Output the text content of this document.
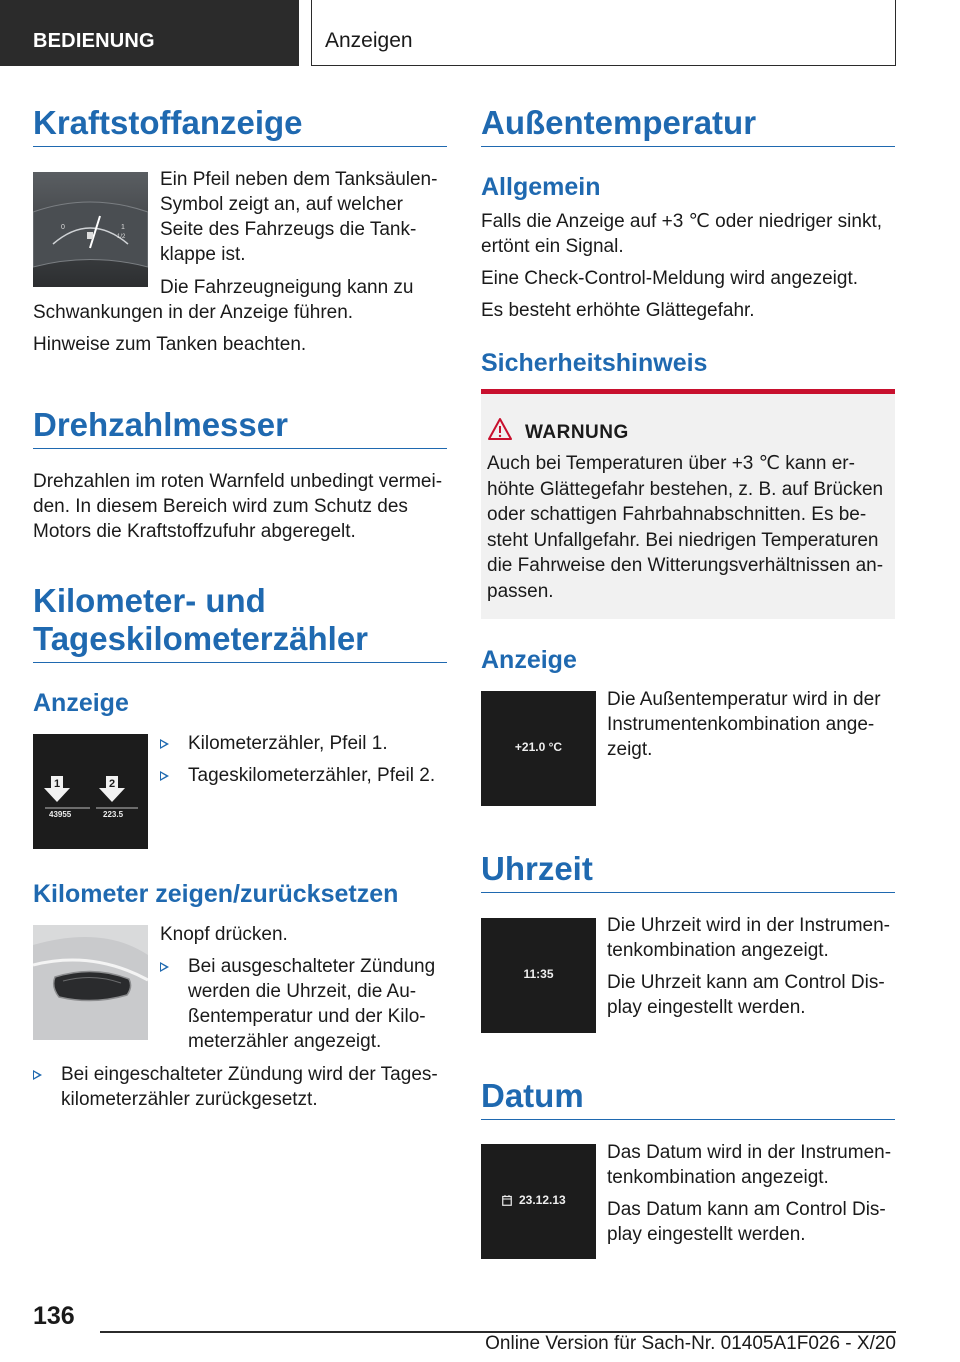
BEDIENUNG	Anzeigen
Kraftstoffanzeige
0	1
1/2
Ein Pfeil neben dem Tanksäulen-
Symbol zeigt an, auf welcher
Seite des Fahrzeugs die Tank-
klappe ist.
Die Fahrzeugneigung kann zu
Schwankungen in der Anzeige führen.
Hinweise zum Tanken beachten.
Drehzahlmesser
Drehzahlen im roten Warnfeld unbedingt vermei-
den. In diesem Bereich wird zum Schutz des
Motors die Kraftstoffzufuhr abgeregelt.
Kilometer- und
Tageskilometerzähler
Anzeige
1	2
43955	223.5
Kilometerzähler, Pfeil 1.
Tageskilometerzähler, Pfeil 2.
Kilometer zeigen/zurücksetzen
Knopf drücken.
Bei ausgeschalteter Zündung
werden die Uhrzeit, die Au-
ßentemperatur und der Kilo-
meterzähler angezeigt.
Bei eingeschalteter Zündung wird der Tages-
kilometerzähler zurückgesetzt.
Außentemperatur
Allgemein
Falls die Anzeige auf +3 ℃ oder niedriger sinkt,
ertönt ein Signal.
Eine Check-Control-Meldung wird angezeigt.
Es besteht erhöhte Glättegefahr.
Sicherheitshinweis
WARNUNG
Auch bei Temperaturen über +3 ℃ kann er-
höhte Glättegefahr bestehen, z. B. auf Brücken
oder schattigen Fahrbahnabschnitten. Es be-
steht Unfallgefahr. Bei niedrigen Temperaturen
die Fahrweise den Witterungsverhältnissen an-
passen.
Anzeige
+21.0 °C
Die Außentemperatur wird in der
Instrumentenkombination ange-
zeigt.
Uhrzeit
11:35
Die Uhrzeit wird in der Instrumen-
tenkombination angezeigt.
Die Uhrzeit kann am Control Dis-
play eingestellt werden.
Datum
23.12.13
Das Datum wird in der Instrumen-
tenkombination angezeigt.
Das Datum kann am Control Dis-
play eingestellt werden.
136
Online Version für Sach-Nr. 01405A1F026 - X/20
